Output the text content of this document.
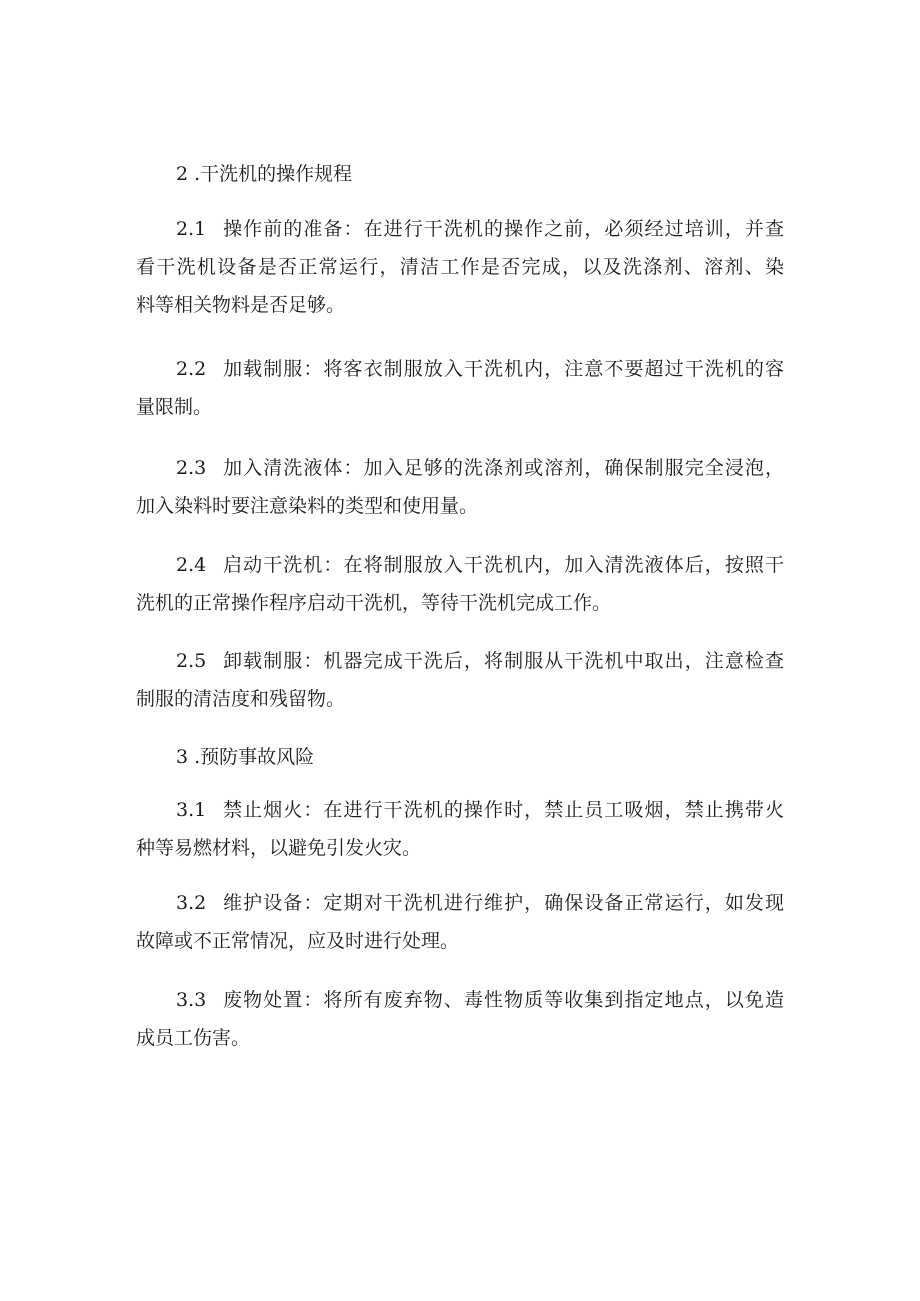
2 .干洗机的操作规程
2.1 操作前的准备：在进行干洗机的操作之前，必须经过培训，并查
看干洗机设备是否正常运行，清洁工作是否完成，以及洗涤剂、溶剂、染
料等相关物料是否足够。
2.2 加载制服：将客衣制服放入干洗机内，注意不要超过干洗机的容
量限制。
2.3 加入清洗液体：加入足够的洗涤剂或溶剂，确保制服完全浸泡，
加入染料时要注意染料的类型和使用量。
2.4 启动干洗机：在将制服放入干洗机内，加入清洗液体后，按照干
洗机的正常操作程序启动干洗机，等待干洗机完成工作。
2.5 卸载制服：机器完成干洗后，将制服从干洗机中取出，注意检查
制服的清洁度和残留物。
3 .预防事故风险
3.1 禁止烟火：在进行干洗机的操作时，禁止员工吸烟，禁止携带火
种等易燃材料，以避免引发火灾。
3.2 维护设备：定期对干洗机进行维护，确保设备正常运行，如发现
故障或不正常情况，应及时进行处理。
3.3 废物处置：将所有废弃物、毒性物质等收集到指定地点，以免造
成员工伤害。
